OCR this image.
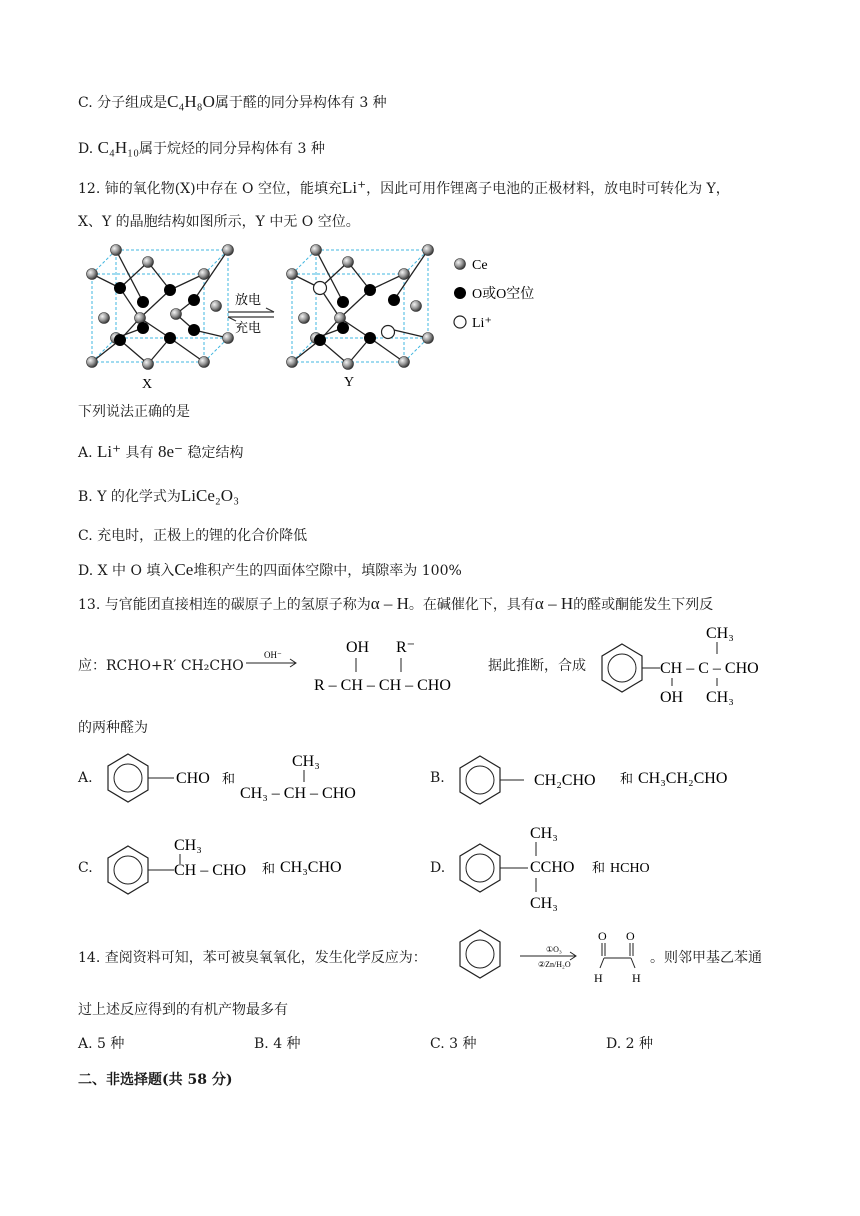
C. 分子组成是C₄H₈O属于醛的同分异构体有 3 种
D. C₄H₁₀属于烷烃的同分异构体有 3 种
12. 铈的氧化物(X)中存在 O 空位，能填充Li⁺，因此可用作锂离子电池的正极材料，放电时可转化为 Y，
X、Y 的晶胞结构如图所示，Y 中无 O 空位。
X
放电
充电
Y
Ce
O或O空位
Li⁺
下列说法正确的是
A. Li⁺ 具有 8e⁻ 稳定结构
B. Y 的化学式为LiCe₂O₃
C. 充电时，正极上的锂的化合价降低
D. X 中 O 填入Ce堆积产生的四面体空隙中，填隙率为 100%
13. 与官能团直接相连的碳原子上的氢原子称为α – H。在碱催化下，具有α – H的醛或酮能发生下列反
应：RCHO+R′ CH₂CHO
OH⁻	OH R⁻
R – CH – CH – CHO
据此推断，合成
CH₃
CH – C – CHO
OH CH₃
的两种醛为
A.	CHO 和
CH₃
CH₃ – CH – CHO
B.	CH₂CHO 和 CH₃CH₂CHO
C.
CH₃
CH – CHO 和 CH₃CHO	D.
CH₃
CCHO
CH₃
和 HCHO
14. 查阅资料可知，苯可被臭氧氧化，发生化学反应为：
①O₃
②Zn/H₂O
O O
H H
。则邻甲基乙苯通
过上述反应得到的有机产物最多有
A. 5 种	B. 4 种	C. 3 种	D. 2 种
二、非选择题(共 58 分)
